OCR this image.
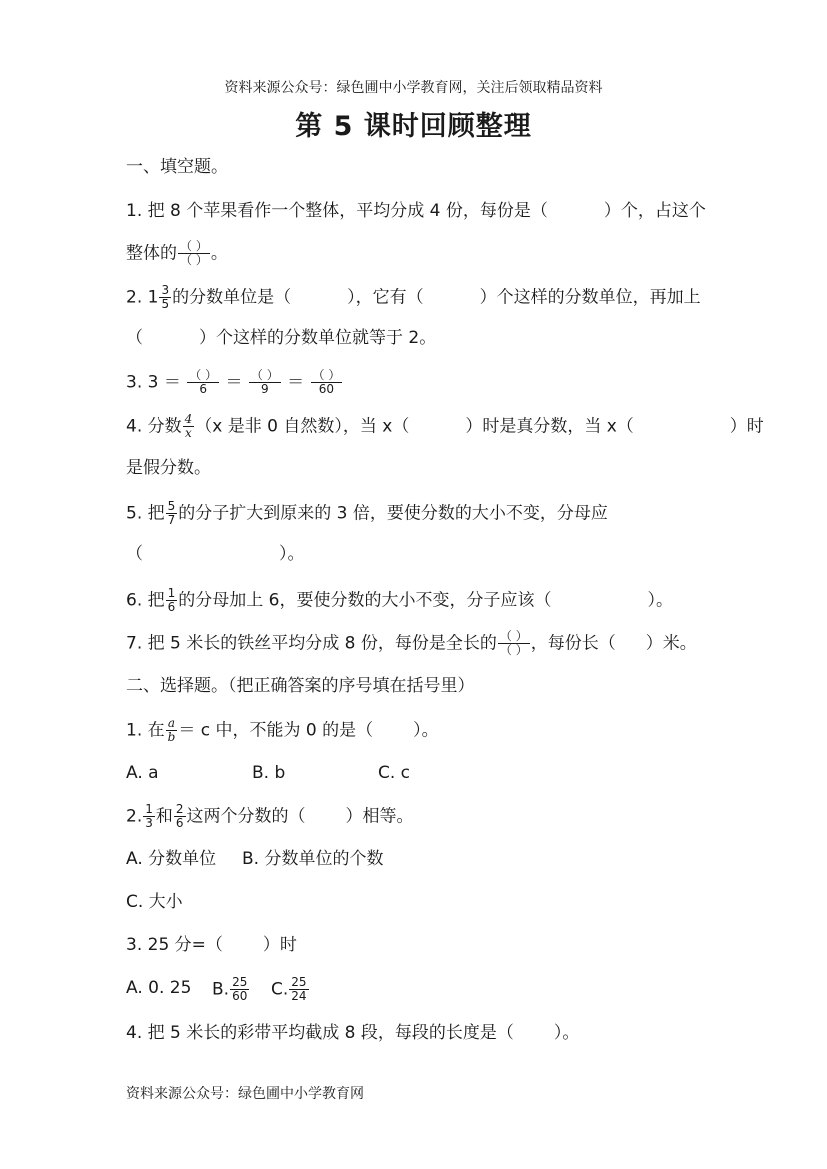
资料来源公众号：绿色圃中小学教育网，关注后领取精品资料
第 5 课时回顾整理
一、填空题。
1. 把 8 个苹果看作一个整体，平均分成 4 份，每份是（	）个，占这个
整体的 $\frac{( )}{( )}$ 。
2. $1 \frac{3}{5}$ 的分数单位是（	），它有（	）个这样的分数单位，再加上
（	）个这样的分数单位就等于 2。
3. $3 = \frac{( )}{6} = \frac{( )}{9} = \frac{( )}{60}$
4. 分数 $\frac{4}{x} (x$ 是非 0 自然数），当 x（	）时是真分数，当 x（	）时
是假分数。
5. 把 $\frac{5}{7}$ 的分子扩大到原来的 3 倍，要使分数的大小不变，分母应
（	）。
6. 把 $\frac{1}{6}$ 的分母加上 6，要使分数的大小不变，分子应该（	）。
7. 把 5 米长的铁丝平均分成 8 份，每份是全长的 $\frac{( )}{( )}$ ，每份长（ ）米。
二、选择题。（把正确答案的序号填在括号里）
1. 在 $\frac{a}{b} = c$ 中，不能为 0 的是（ ）。
A. a	B. b	C. c
2. $\frac{1}{3}$ 和 $\frac{2}{6}$ 这两个分数的（ ）相等。
A. 分数单位 B. 分数单位的个数
C. 大小
3. 25 分=（ ）时
A. 0. 25 B. $\frac{25}{60} C$. $\frac{25}{24}$
4. 把 5 米长的彩带平均截成 8 段，每段的长度是（ ）。
资料来源公众号：绿色圃中小学教育网
